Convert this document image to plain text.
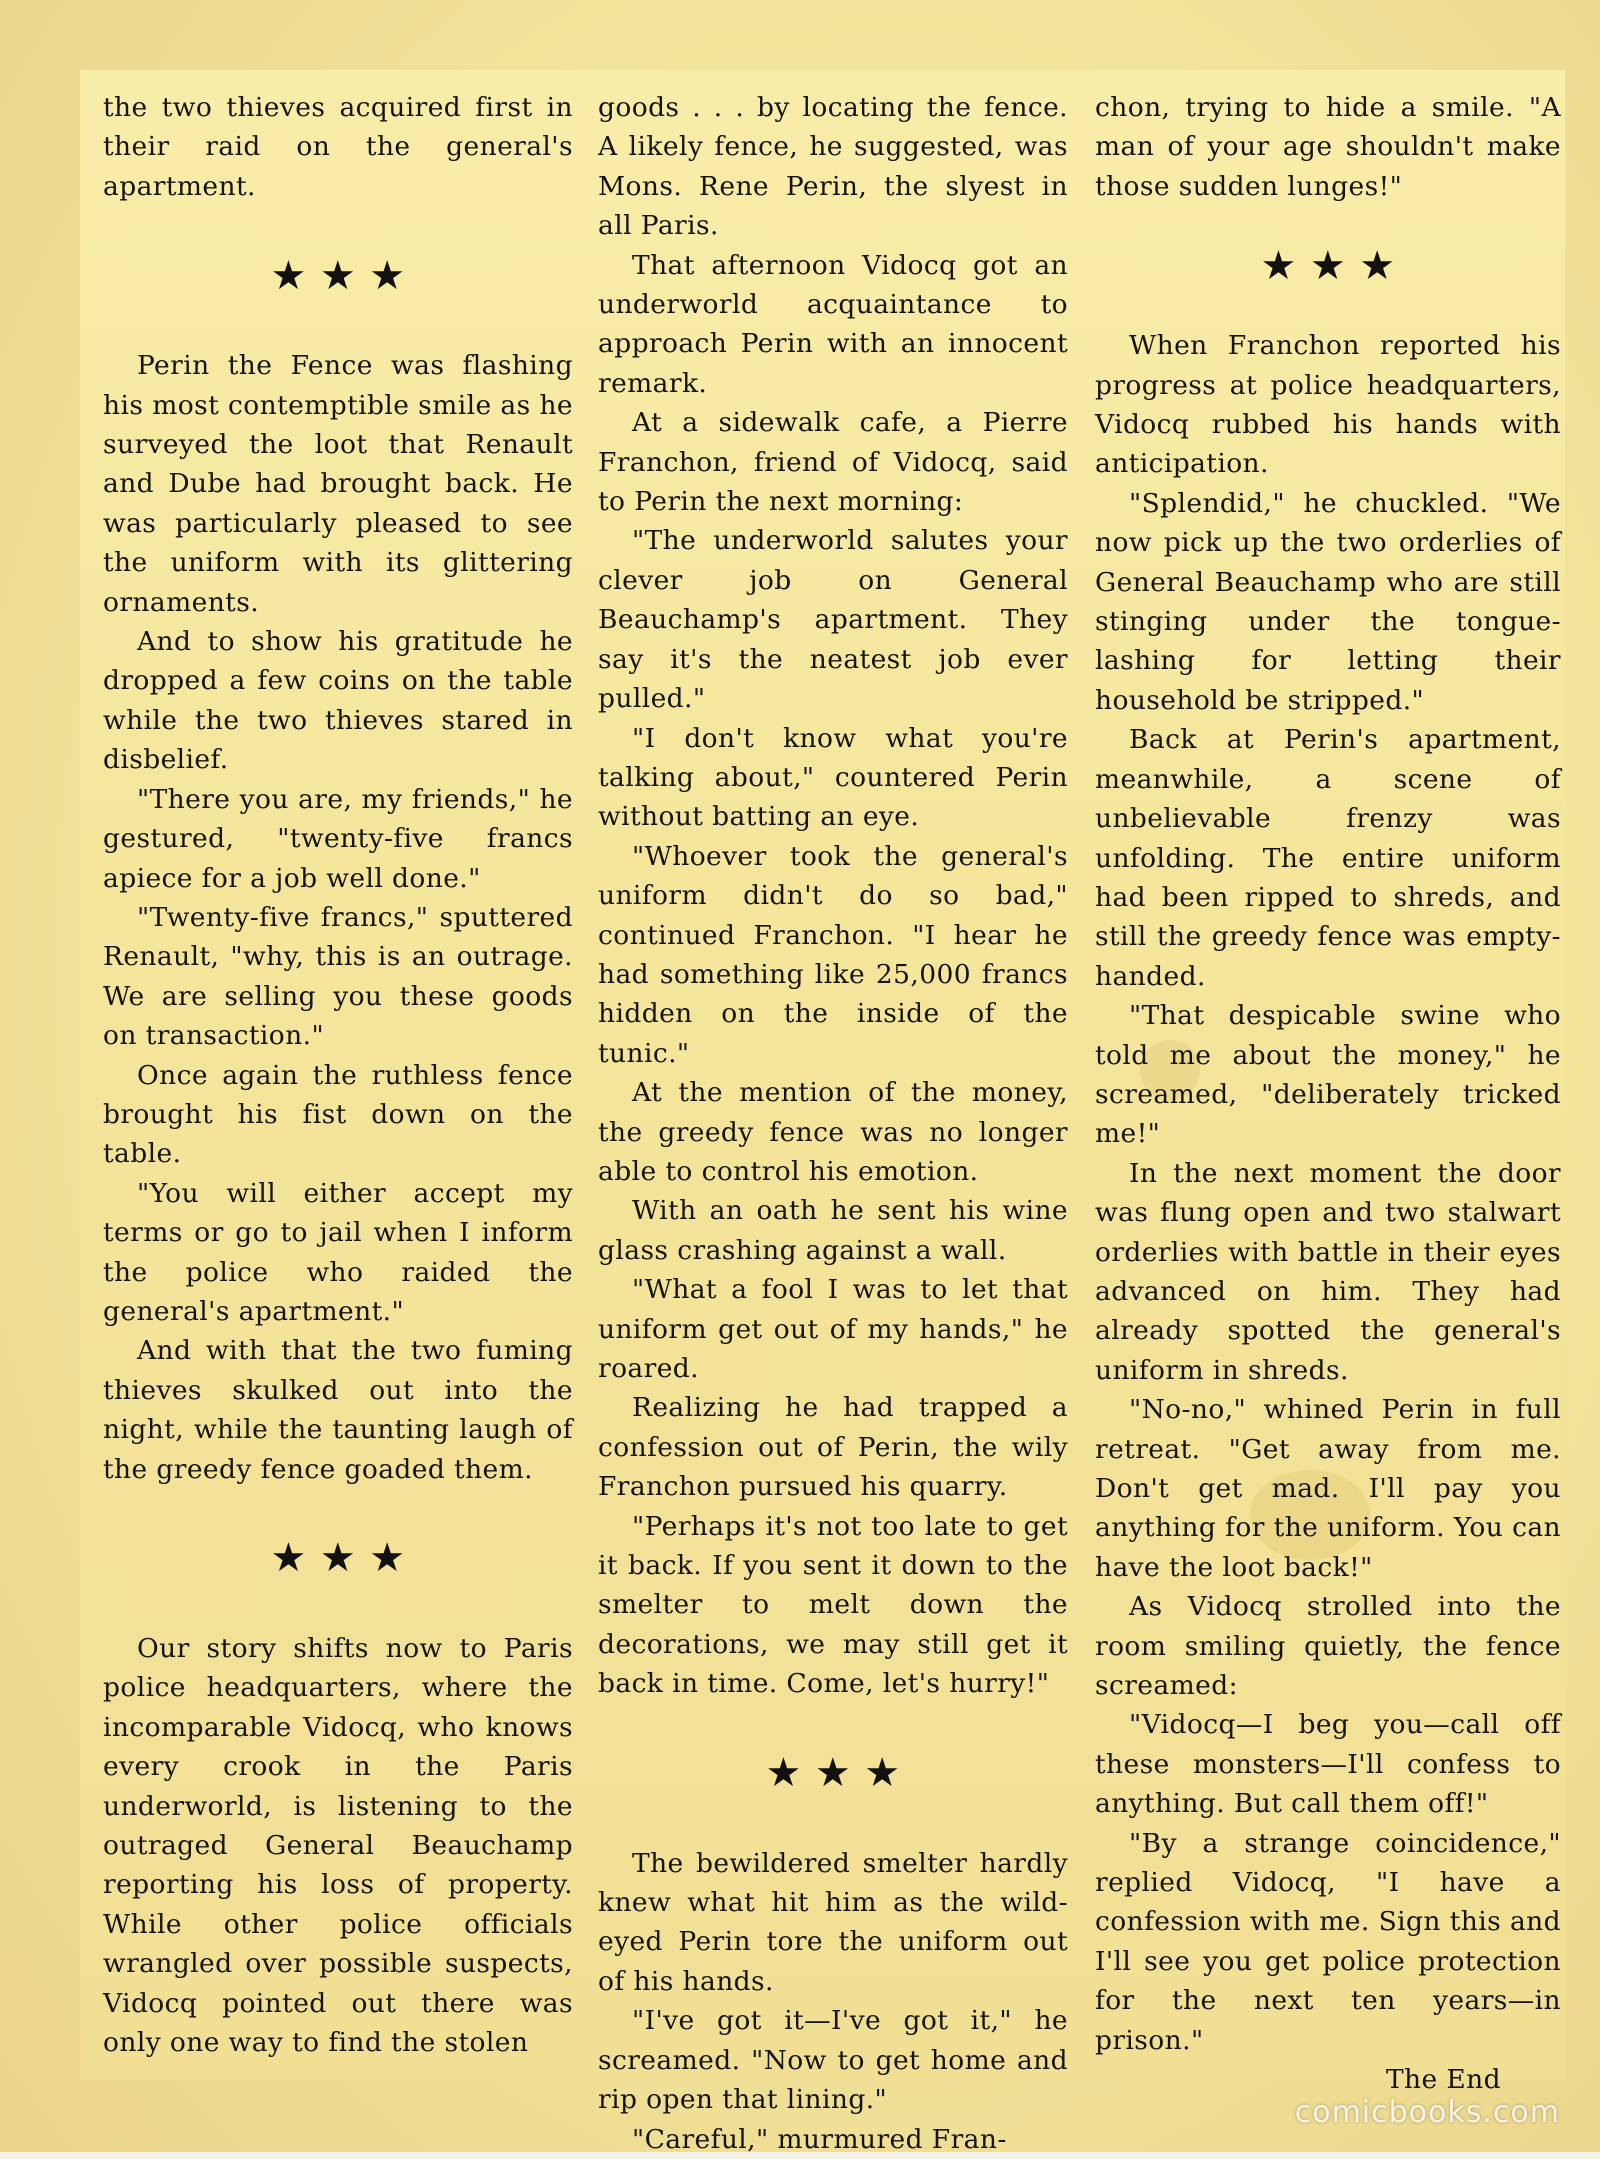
the two thieves acquired first in their raid on the general's apartment.

★ ★ ★

Perin the Fence was flashing his most contemptible smile as he surveyed the loot that Renault and Dube had brought back. He was particularly pleased to see the uniform with its glittering ornaments.

And to show his gratitude he dropped a few coins on the table while the two thieves stared in disbelief.

"There you are, my friends," he gestured, "twenty-five francs apiece for a job well done."

"Twenty-five francs," sputtered Renault, "why, this is an outrage. We are selling you these goods on transaction."

Once again the ruthless fence brought his fist down on the table.

"You will either accept my terms or go to jail when I inform the police who raided the general's apartment."

And with that the two fuming thieves skulked out into the night, while the taunting laugh of the greedy fence goaded them.

★ ★ ★

Our story shifts now to Paris police headquarters, where the incomparable Vidocq, who knows every crook in the Paris underworld, is listening to the outraged General Beauchamp reporting his loss of property. While other police officials wrangled over possible suspects, Vidocq pointed out there was only one way to find the stolen

goods . . . by locating the fence. A likely fence, he suggested, was Mons. Rene Perin, the slyest in all Paris.

That afternoon Vidocq got an underworld acquaintance to approach Perin with an innocent remark.

At a sidewalk cafe, a Pierre Franchon, friend of Vidocq, said to Perin the next morning:

"The underworld salutes your clever job on General Beauchamp's apartment. They say it's the neatest job ever pulled."

"I don't know what you're talking about," countered Perin without batting an eye.

"Whoever took the general's uniform didn't do so bad," continued Franchon. "I hear he had something like 25,000 francs hidden on the inside of the tunic."

At the mention of the money, the greedy fence was no longer able to control his emotion.

With an oath he sent his wine glass crashing against a wall.

"What a fool I was to let that uniform get out of my hands," he roared.

Realizing he had trapped a confession out of Perin, the wily Franchon pursued his quarry.

"Perhaps it's not too late to get it back. If you sent it down to the smelter to melt down the decorations, we may still get it back in time. Come, let's hurry!"

★ ★ ★

The bewildered smelter hardly knew what hit him as the wild-eyed Perin tore the uniform out of his hands.

"I've got it—I've got it," he screamed. "Now to get home and rip open that lining."

"Careful," murmured Fran-

chon, trying to hide a smile. "A man of your age shouldn't make those sudden lunges!"

★ ★ ★

When Franchon reported his progress at police headquarters, Vidocq rubbed his hands with anticipation.

"Splendid," he chuckled. "We now pick up the two orderlies of General Beauchamp who are still stinging under the tongue-lashing for letting their household be stripped."

Back at Perin's apartment, meanwhile, a scene of unbelievable frenzy was unfolding. The entire uniform had been ripped to shreds, and still the greedy fence was empty-handed.

"That despicable swine who told me about the money," he screamed, "deliberately tricked me!"

In the next moment the door was flung open and two stalwart orderlies with battle in their eyes advanced on him. They had already spotted the general's uniform in shreds.

"No-no," whined Perin in full retreat. "Get away from me. Don't get mad. I'll pay you anything for the uniform. You can have the loot back!"

As Vidocq strolled into the room smiling quietly, the fence screamed:

"Vidocq—I beg you—call off these monsters—I'll confess to anything. But call them off!"

"By a strange coincidence," replied Vidocq, "I have a confession with me. Sign this and I'll see you get police protection for the next ten years—in prison."

The End

comicbooks.com
